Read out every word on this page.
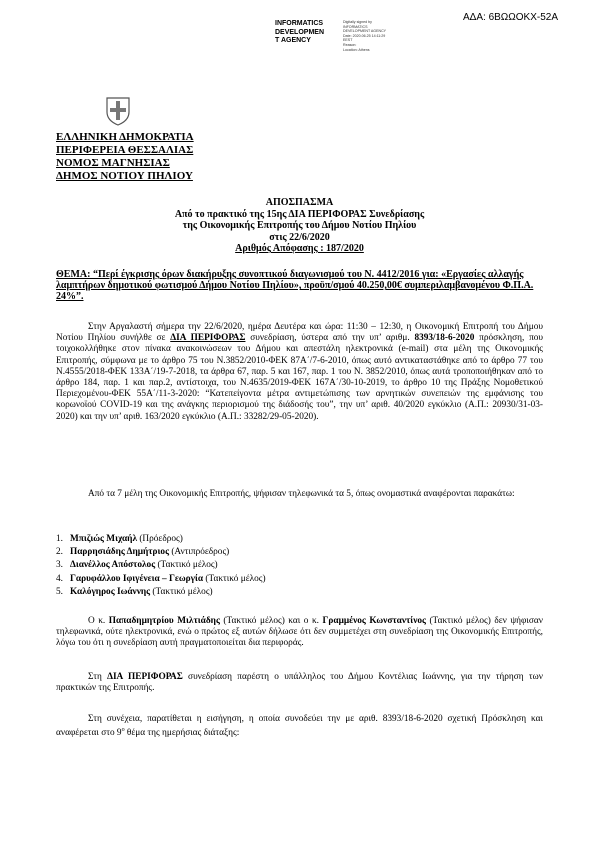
ΑΔΑ: 6ΒΩΩΟΚΧ-52Α
INFORMATICS
DEVELOPMEN
T AGENCY
Digitally signed by
INFORMATICS
DEVELOPMENT AGENCY
Date: 2020.06.25 14:11:29
EEST
Reason:
Location: Athens
ΕΛΛΗΝΙΚΗ ΔΗΜΟΚΡΑΤΙΑ
ΠΕΡΙΦΕΡΕΙΑ ΘΕΣΣΑΛΙΑΣ
ΝΟΜΟΣ ΜΑΓΝΗΣΙΑΣ
ΔΗΜΟΣ ΝΟΤΙΟΥ ΠΗΛΙΟΥ
ΑΠΟΣΠΑΣΜΑ
Από το πρακτικό της 15ης ΔΙΑ ΠΕΡΙΦΟΡΑΣ Συνεδρίασης
της Οικονομικής Επιτροπής του Δήμου Νοτίου Πηλίου
στις 22/6/2020
Αριθμός Απόφασης : 187/2020
ΘΕΜΑ: “Περί έγκρισης όρων διακήρυξης συνοπτικού διαγωνισμού του Ν. 4412/2016 για: «Εργασίες αλλαγής λαμπτήρων δημοτικού φωτισμού Δήμου Νοτίου Πηλίου», προϋπ/σμού 40.250,00€ συμπεριλαμβανομένου Φ.Π.Α. 24%”.
Στην Αργαλαστή σήμερα την 22/6/2020, ημέρα Δευτέρα και ώρα: 11:30 – 12:30, η Οικονομική Επιτροπή του Δήμου Νοτίου Πηλίου συνήλθε σε ΔΙΑ ΠΕΡΙΦΟΡΑΣ συνεδρίαση, ύστερα από την υπ’ αριθμ. 8393/18-6-2020 πρόσκληση, που τοιχοκολλήθηκε στον πίνακα ανακοινώσεων του Δήμου και απεστάλη ηλεκτρονικά (e-mail) στα μέλη της Οικονομικής Επιτροπής, σύμφωνα με το άρθρο 75 του Ν.3852/2010-ΦΕΚ 87Α΄/7-6-2010, όπως αυτό αντικαταστάθηκε από το άρθρο 77 του Ν.4555/2018-ΦΕΚ 133Α΄/19-7-2018, τα άρθρα 67, παρ. 5 και 167, παρ. 1 του Ν. 3852/2010, όπως αυτά τροποποιήθηκαν από το άρθρο 184, παρ. 1 και παρ.2, αντίστοιχα, του Ν.4635/2019-ΦΕΚ 167Α΄/30-10-2019, το άρθρο 10 της Πράξης Νομοθετικού Περιεχομένου-ΦΕΚ 55Α΄/11-3-2020: “Κατεπείγοντα μέτρα αντιμετώπισης των αρνητικών συνεπειών της εμφάνισης του κορωνοϊού COVID-19 και της ανάγκης περιορισμού της διάδοσής του”, την υπ’ αριθ. 40/2020 εγκύκλιο (Α.Π.: 20930/31-03-2020) και την υπ’ αριθ. 163/2020 εγκύκλιο (Α.Π.: 33282/29-05-2020).
Από τα 7 μέλη της Οικονομικής Επιτροπής, ψήφισαν τηλεφωνικά τα 5, όπως ονομαστικά αναφέρονται παρακάτω:
1. Μπιζιώς Μιχαήλ (Πρόεδρος)
2. Παρρησιάδης Δημήτριος (Αντιπρόεδρος)
3. Διανέλλος Απόστολος (Τακτικό μέλος)
4. Γαρυφάλλου Ιφιγένεια – Γεωργία (Τακτικό μέλος)
5. Καλόγηρος Ιωάννης (Τακτικό μέλος)
Ο κ. Παπαδημητρίου Μιλτιάδης (Τακτικό μέλος) και ο κ. Γραμμένος Κωνσταντίνος (Τακτικό μέλος) δεν ψήφισαν τηλεφωνικά, ούτε ηλεκτρονικά, ενώ ο πρώτος εξ αυτών δήλωσε ότι δεν συμμετέχει στη συνεδρίαση της Οικονομικής Επιτροπής, λόγω του ότι η συνεδρίαση αυτή πραγματοποιείται δια περιφοράς.
Στη ΔΙΑ ΠΕΡΙΦΟΡΑΣ συνεδρίαση παρέστη ο υπάλληλος του Δήμου Κοντέλιας Ιωάννης, για την τήρηση των πρακτικών της Επιτροπής.
Στη συνέχεια, παρατίθεται η εισήγηση, η οποία συνοδεύει την με αριθ. 8393/18-6-2020 σχετική Πρόσκληση και αναφέρεται στο $9^o$ θέμα της ημερήσιας διάταξης:
